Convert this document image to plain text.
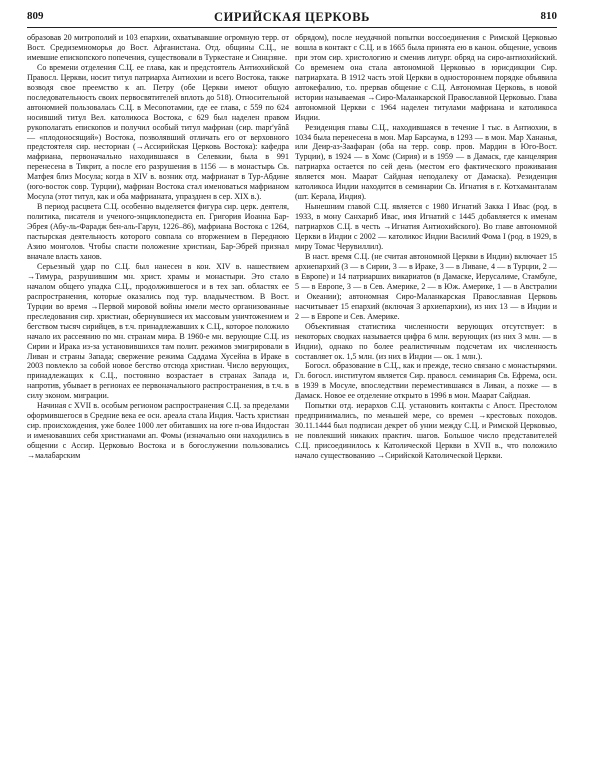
809	СИРИЙСКАЯ ЦЕРКОВЬ	810

образовав 20 митрополий и 103 епархии, охватывавшие огромную терр. от Вост. Средиземноморья до Вост. Афганистана. Отд. общины С.Ц., не имевшие епископского попечения, существовали в Туркестане и Синцзяне.

Со времени отделения С.Ц. ее глава, как и предстоятель Антиохийской Правосл. Церкви, носит титул патриарха Антиохии и всего Востока, также возводя свое преемство к ап. Петру (обе Церкви имеют общую последовательность своих первосвятителей вплоть до 518). Относительной автономией пользовалась С.Ц. в Месопотамии, где ее глава, с 559 по 624 носивший титул Вел. католикоса Востока, с 629 был наделен правом рукополагать епископов и получил особый титул мафриан (сир. mapr'yânâ — «плодоносящий») Востока, позволявший отличать его от верховного предстоятеля сир. несториан (→Ассирийская Церковь Востока): кафедра мафриана, первоначально находившаяся в Селевкии, была в 991 перенесена в Тикрит, а после его разрушения в 1156 — в монастырь Св. Матфея близ Мосула; когда в XIV в. возник отд. мафрианат в Тур-Абдине (юго-восток совр. Турции), мафриан Востока стал именоваться мафрианом Мосула (этот титул, как и оба мафрианата, упразднен в сер. XIX в.).

В период расцвета С.Ц. особенно выделяется фигура сир. церк. деятеля, политика, писателя и ученого-энциклопедиста еп. Григория Иоанна Бар-Эбрея (Абу-ль-Фарадж бен-аль-Гарун, 1226–86), мафриана Востока с 1264, пастырская деятельность которого совпала со вторжением в Переднюю Азию монголов. Чтобы спасти положение христиан, Бар-Эбрей признал вначале власть ханов.

Серьезный удар по С.Ц. был нанесен в кон. XIV в. нашествием →Тимура, разрушившим мн. христ. храмы и монастыри. Это стало началом общего упадка С.Ц., продолжившегося и в тех зап. областях ее распространения, которые оказались под тур. владычеством. В Вост. Турции во время →Первой мировой войны имели место организованные преследования сир. христиан, обернувшиеся их массовым уничтожением и бегством тысяч сирийцев, в т.ч. принадлежавших к С.Ц., которое положило начало их рассеянию по мн. странам мира. В 1960-е мн. верующие С.Ц. из Сирии и Ирака из-за установившихся там полит. режимов эмигрировали в Ливан и страны Запада; свержение режима Саддама Хусейна в Ираке в 2003 повлекло за собой новое бегство отсюда христиан. Число верующих, принадлежащих к С.Ц., постоянно возрастает в странах Запада и, напротив, убывает в регионах ее первоначального распространения, в т.ч. в силу эконом. миграции.

Начиная с XVII в. особым регионом распространения С.Ц. за пределами оформившегося в Средние века ее осн. ареала стала Индия. Часть христиан сир. происхождения, уже более 1000 лет обитавших на юге п-ова Индостан и именовавших себя христианами ап. Фомы (изначально они находились в общении с Ассир. Церковью Востока и в богослужении пользовались →малабарским

обрядом), после неудачной попытки воссоединения с Римской Церковью вошла в контакт с С.Ц. и в 1665 была принята ею в канон. общение, усвоив при этом сир. христологию и сменив литург. обряд на сиро-антиохийский. Со временем она стала автономной Церковью в юрисдикции Сир. патриархата. В 1912 часть этой Церкви в одностороннем порядке объявила автокефалию, т.о. прервав общение с С.Ц. Автономная Церковь, в новой истории называемая →Сиро-Маланкарской Православной Церковью. Глава автономной Церкви с 1964 наделен титулами мафриана и католикоса Индии.

Резиденция главы С.Ц., находившаяся в течение I тыс. в Антиохии, в 1034 была перенесена в мон. Мар Барсаума, в 1293 — в мон. Мар Хананья, или Деир-аз-Заафаран (оба на терр. совр. пров. Мардин в Юго-Вост. Турции), в 1924 — в Хомс (Сирия) и в 1959 — в Дамаск, где канцелярия патриарха остается по сей день (местом его фактического проживания является мон. Маарат Сайдная неподалеку от Дамаска). Резиденция католикоса Индии находится в семинарии Св. Игнатия в г. Котхаманталам (шт. Керала, Индия).

Нынешним главой С.Ц. является с 1980 Игнатий Закка I Ивас (род. в 1933, в мону Санхариб Ивас, имя Игнатий с 1445 добавляется к именам патриархов С.Ц. в честь →Игнатия Антиохийского). Во главе автономной Церкви в Индии с 2002 — католикос Индии Василий Фома I (род. в 1929, в миру Томас Черувиллил).

В наст. время С.Ц. (не считая автономной Церкви в Индии) включает 15 архиепархий (3 — в Сирии, 3 — в Ираке, 3 — в Ливане, 4 — в Турции, 2 — в Европе) и 14 патриарших викариатов (в Дамаске, Иерусалиме, Стамбуле, 5 — в Европе, 3 — в Сев. Америке, 2 — в Юж. Америке, 1 — в Австралии и Океании); автономная Сиро-Маланкарская Православная Церковь насчитывает 15 епархий (включая 3 архиепархии), из них 13 — в Индии и 2 — в Европе и Сев. Америке.

Объективная статистика численности верующих отсутствует: в некоторых сводках называется цифра 6 млн. верующих (из них 3 млн. — в Индии), однако по более реалистичным подсчетам их численность составляет ок. 1,5 млн. (из них в Индии — ок. 1 млн.).

Богосл. образование в С.Ц., как и прежде, тесно связано с монастырями. Гл. богосл. институтом является Сир. правосл. семинария Св. Ефрема, осн. в 1939 в Мосуле, впоследствии переместившаяся в Ливан, а позже — в Дамаск. Новое ее отделение открыто в 1996 в мон. Маарат Сайдная.

Попытки отд. иерархов С.Ц. установить контакты с Апост. Престолом предпринимались, по меньшей мере, со времен →крестовых походов. 30.11.1444 был подписан декрет об унии между С.Ц. и Римской Церковью, не повлекший никаких практич. шагов. Большое число представителей С.Ц. присоединилось к Католической Церкви в XVII в., что положило начало существованию →Сирийской Католической Церкви.
